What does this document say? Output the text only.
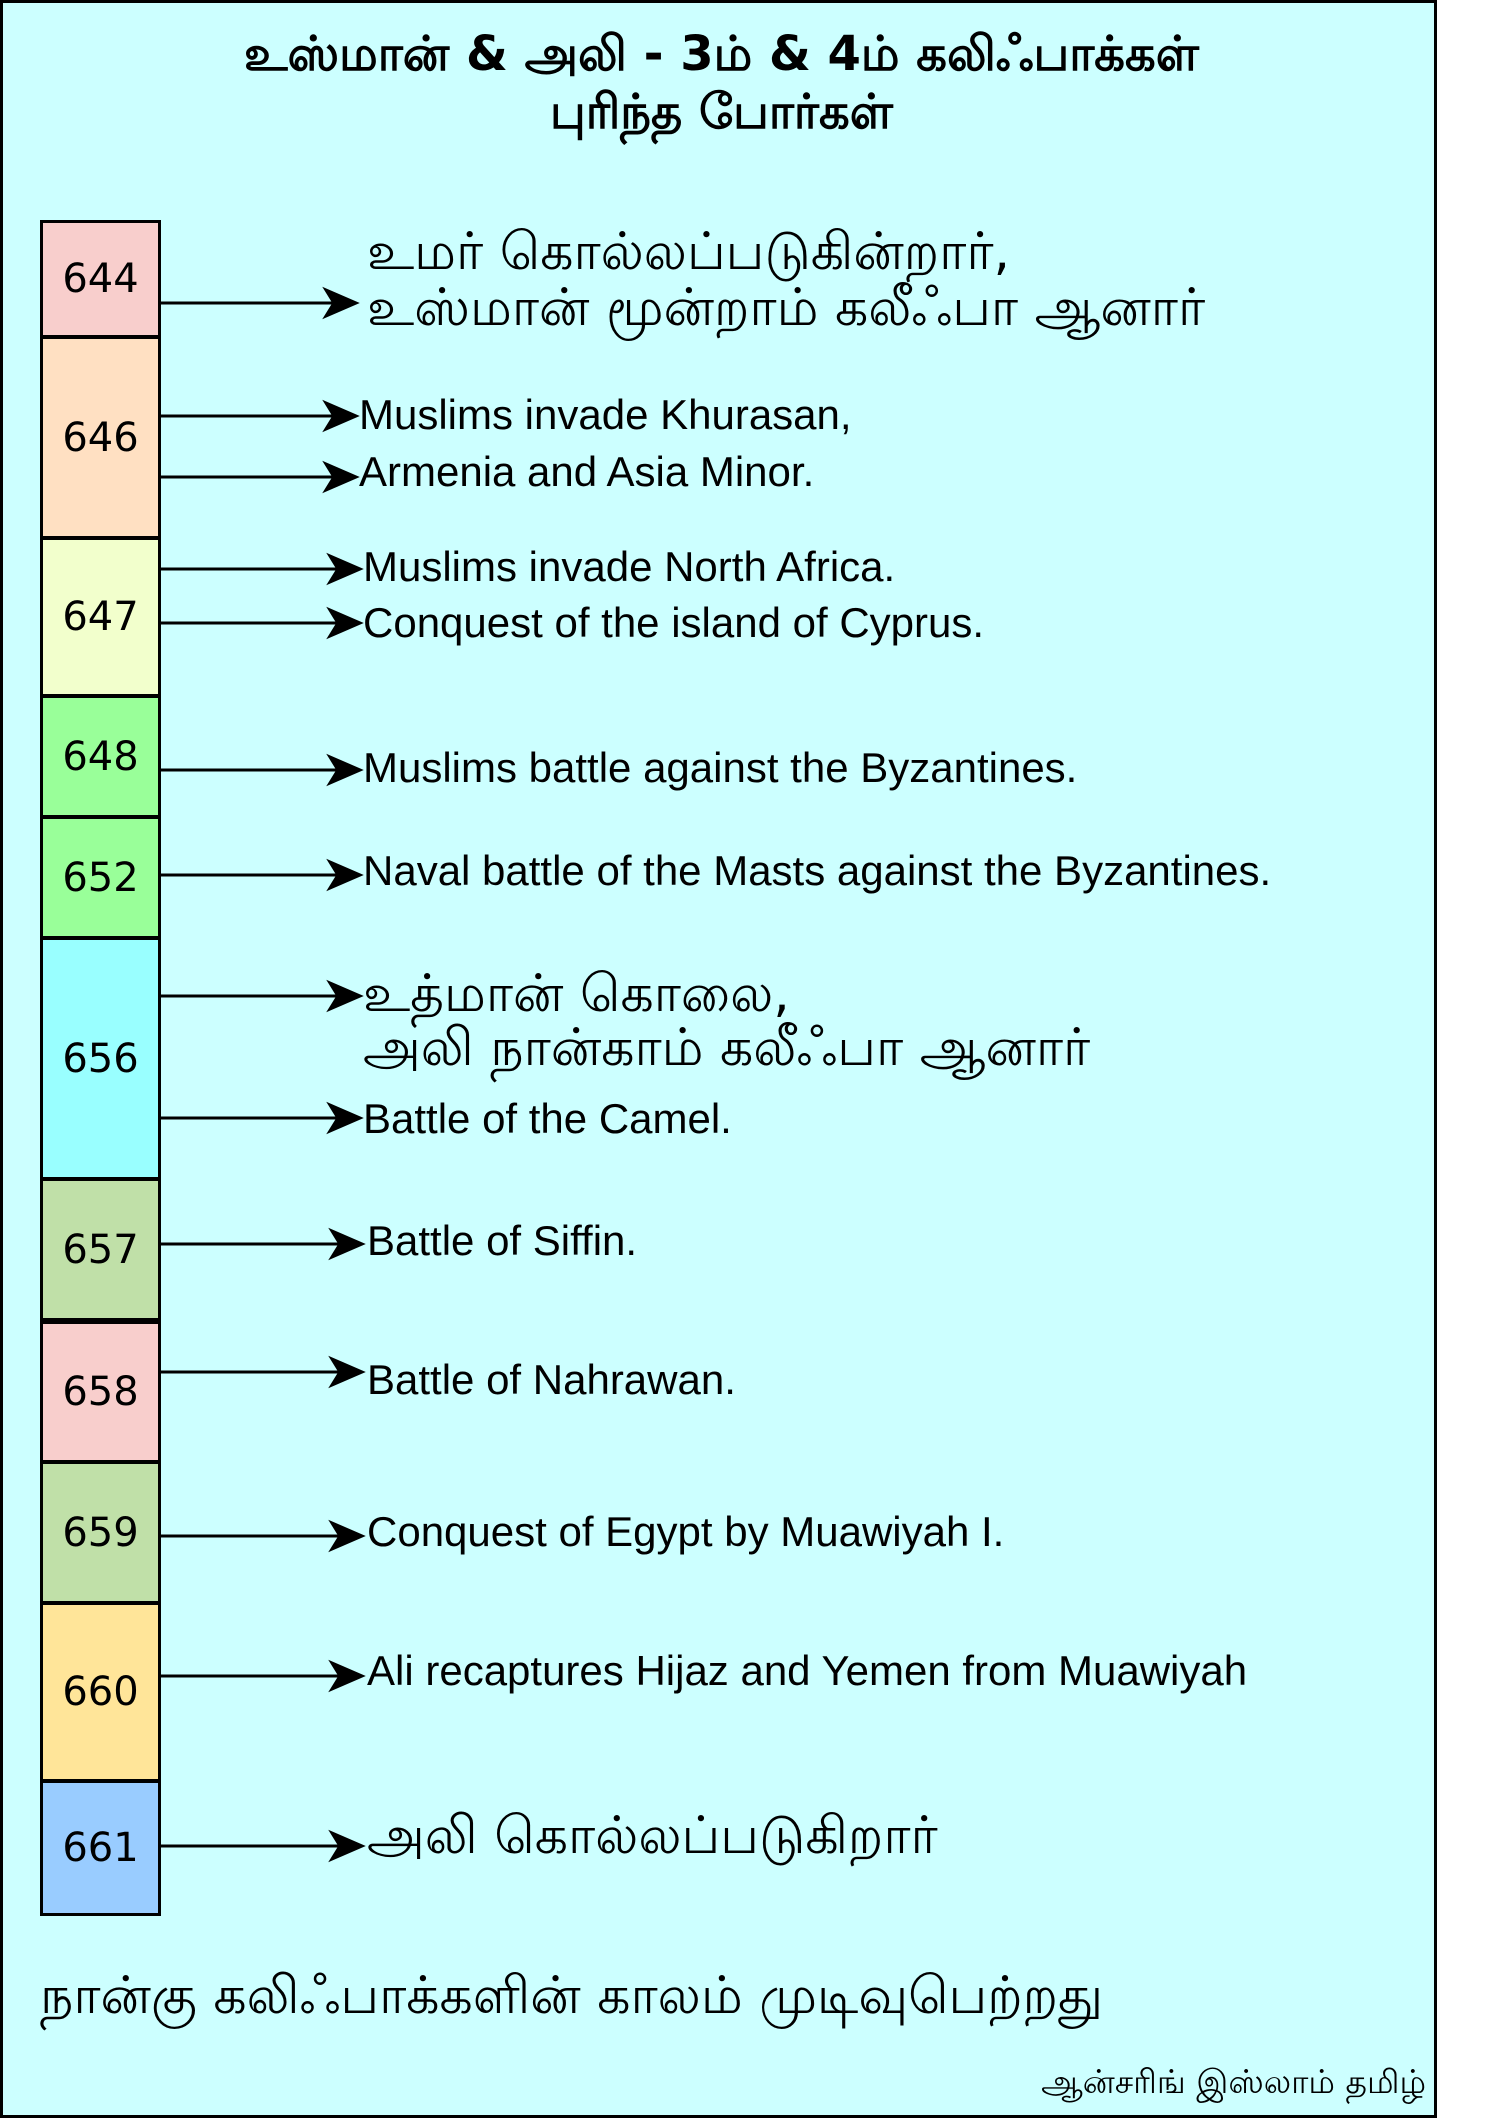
உஸ்மான் & அலி - 3ம் & 4ம் கலிஃபாக்கள்
புரிந்த போர்கள்
644
646
647
648
652
656
657
658
659
660
661
உமர் கொல்லப்படுகின்றார்,
உஸ்மான் மூன்றாம் கலீஃபா ஆனார்
Muslims invade Khurasan,
Armenia and Asia Minor.
Muslims invade North Africa.
Conquest of the island of Cyprus.
Muslims battle against the Byzantines.
Naval battle of the Masts against the Byzantines.
உத்மான் கொலை,
அலி நான்காம் கலீஃபா ஆனார்
Battle of the Camel.
Battle of Siffin.
Battle of Nahrawan.
Conquest of Egypt by Muawiyah I.
Ali recaptures Hijaz and Yemen from Muawiyah
அலி கொல்லப்படுகிறார்
நான்கு கலிஃபாக்களின் காலம் முடிவுபெற்றது
ஆன்சரிங் இஸ்லாம் தமிழ்
